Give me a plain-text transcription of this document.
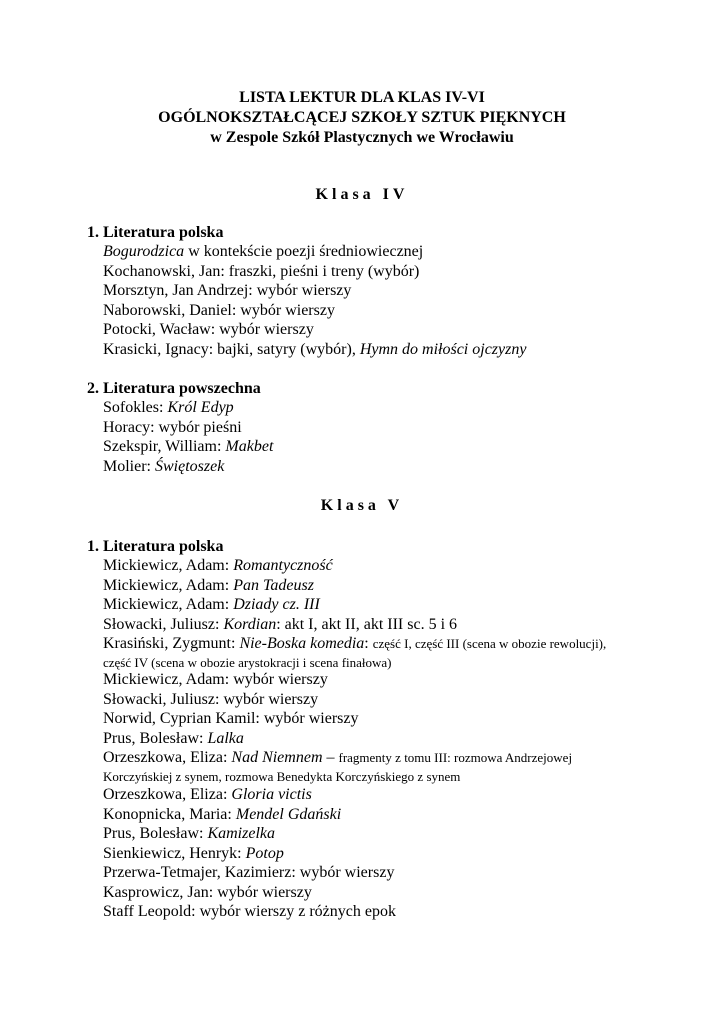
LISTA LEKTUR DLA KLAS IV-VI
OGÓLNOKSZTAŁCĄCEJ SZKOŁY SZTUK PIĘKNYCH
w Zespole Szkół Plastycznych we Wrocławiu
Klasa IV
1. Literatura polska
Bogurodzica w kontekście poezji średniowiecznej
Kochanowski, Jan: fraszki, pieśni i treny (wybór)
Morsztyn, Jan Andrzej: wybór wierszy
Naborowski, Daniel: wybór wierszy
Potocki, Wacław: wybór wierszy
Krasicki, Ignacy: bajki, satyry (wybór), Hymn do miłości ojczyzny
2. Literatura powszechna
Sofokles: Król Edyp
Horacy: wybór pieśni
Szekspir, William: Makbet
Molier: Świętoszek
Klasa V
1. Literatura polska
Mickiewicz, Adam: Romantyczność
Mickiewicz, Adam: Pan Tadeusz
Mickiewicz, Adam: Dziady cz. III
Słowacki, Juliusz: Kordian: akt I, akt II, akt III sc. 5 i 6
Krasiński, Zygmunt: Nie-Boska komedia: część I, część III (scena w obozie rewolucji),
część IV (scena w obozie arystokracji i scena finałowa)
Mickiewicz, Adam: wybór wierszy
Słowacki, Juliusz: wybór wierszy
Norwid, Cyprian Kamil: wybór wierszy
Prus, Bolesław: Lalka
Orzeszkowa, Eliza: Nad Niemnem – fragmenty z tomu III: rozmowa Andrzejowej
Korczyńskiej z synem, rozmowa Benedykta Korczyńskiego z synem
Orzeszkowa, Eliza: Gloria victis
Konopnicka, Maria: Mendel Gdański
Prus, Bolesław: Kamizelka
Sienkiewicz, Henryk: Potop
Przerwa-Tetmajer, Kazimierz: wybór wierszy
Kasprowicz, Jan: wybór wierszy
Staff Leopold: wybór wierszy z różnych epok
